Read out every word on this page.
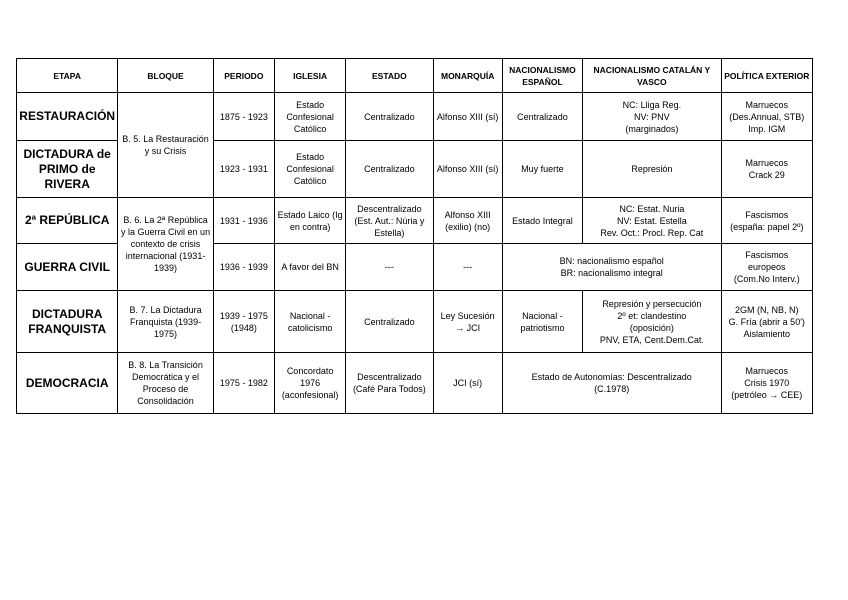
ETAPA	BLOQUE	PERIODO	IGLESIA	ESTADO	MONARQUÍA	NACIONALISMO ESPAÑOL	NACIONALISMO CATALÁN Y VASCO	POLÍTICA EXTERIOR
RESTAURACIÓN	B. 5. La Restauración y su Crisis	1875 - 1923	Estado Confesional Católico	Centralizado	Alfonso XIII (sí)	Centralizado	NC: Lliga Reg.
NV: PNV
(marginados)	Marruecos
(Des.Annual, STB)
Imp. IGM

DICTADURA de PRIMO de RIVERA		1923 - 1931	Estado Confesional Católico	Centralizado	Alfonso XIII (sí)	Muy fuerte	Represión	Marruecos
Crack 29

2ª REPÚBLICA	B. 6. La 2ª República y la Guerra Civil en un contexto de crisis internacional (1931-1939)	1931 - 1936	Estado Laico (Ig en contra)	Descentralizado (Est. Aut.: Núria y Estella)	Alfonso XIII (exilio) (no)	Estado Integral	NC: Estat. Nuria
NV: Estat. Estella
Rev. Oct.: Procl. Rep. Cat	Fascismos
(españa: papel 2º)

GUERRA CIVIL		1936 - 1939	A favor del BN	---	---	BN: nacionalismo español
BR: nacionalismo integral		Fascismos
europeos
(Com.No Interv.)

DICTADURA FRANQUISTA	B. 7. La Dictadura Franquista (1939-1975)	1939 - 1975 (1948)	Nacional - catolicismo	Centralizado	Ley Sucesión → JCI	Nacional - patriotismo	Represión y persecución
2º et: clandestino
(oposición)
PNV, ETA, Cent.Dem.Cat.	2GM (N, NB, N)
G. Fría (abrir a 50')
Aislamiento

DEMOCRACIA	B. 8. La Transición Democrática y el Proceso de Consolidación	1975 - 1982	Concordato 1976 (aconfesional)	Descentralizado (Café Para Todos)	JCI (sí)	Estado de Autonomías: Descentralizado
(C.1978)		Marruecos
Crisis 1970
(petróleo → CEE)
